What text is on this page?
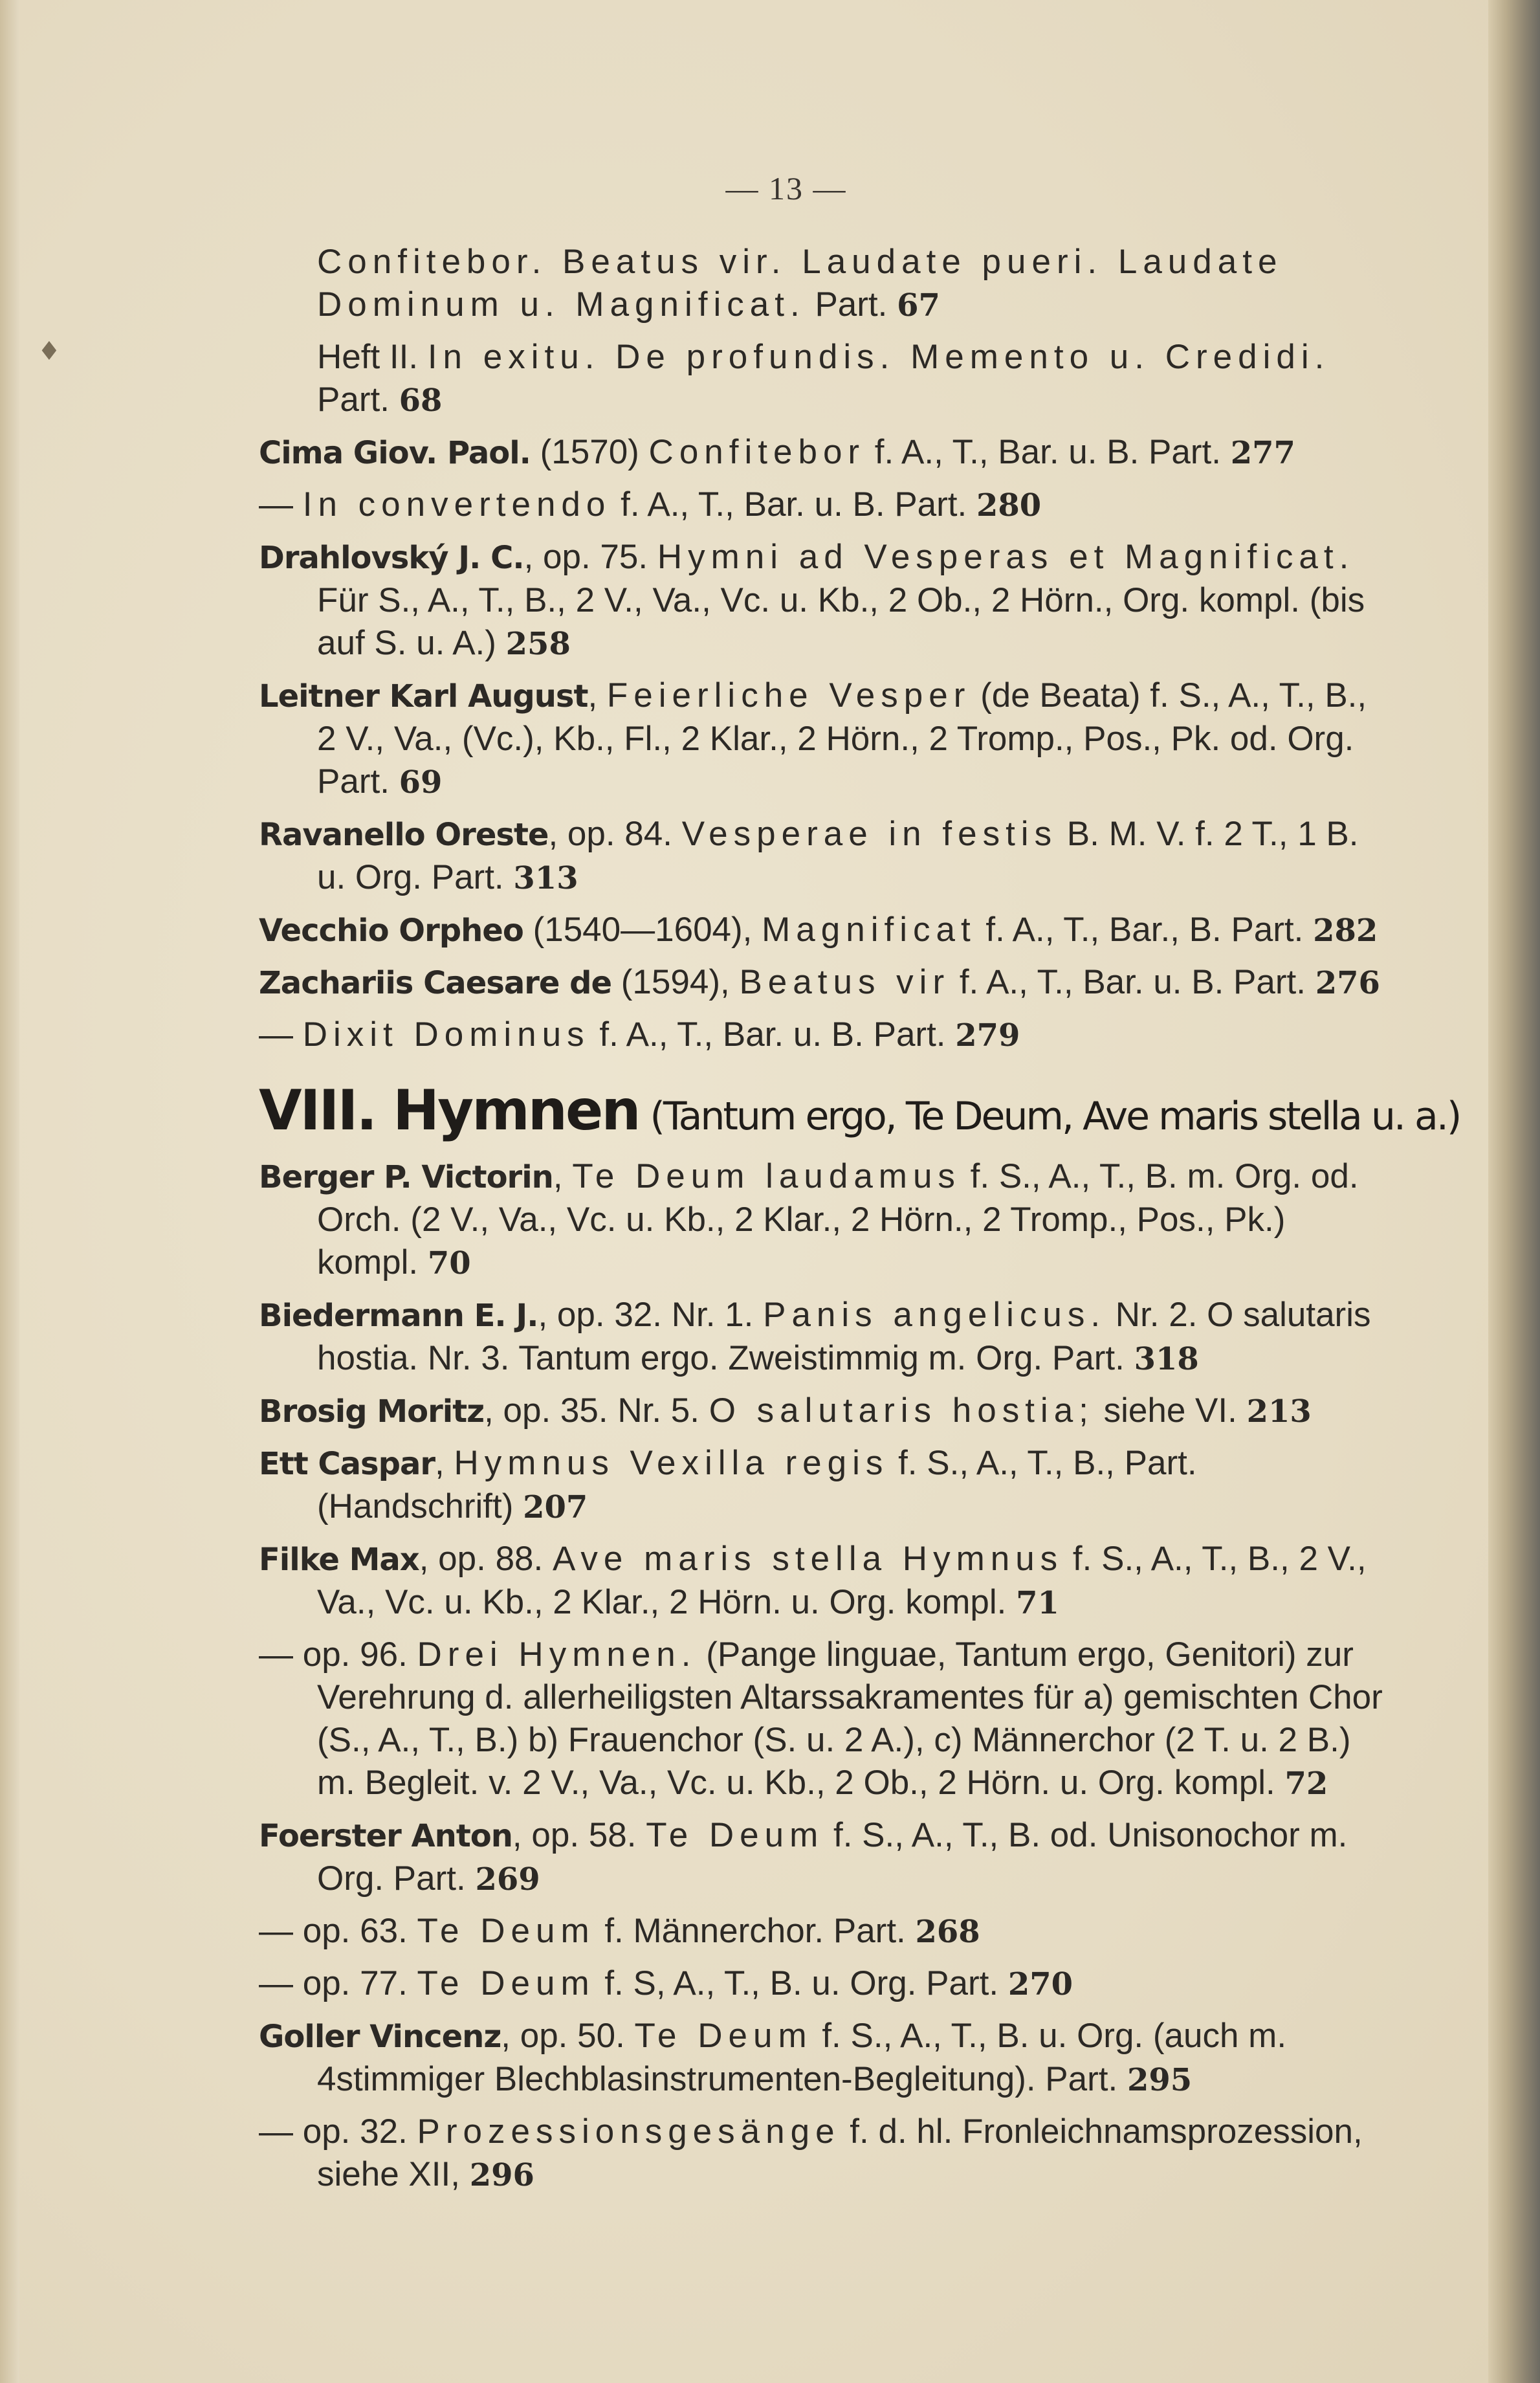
♦
— 13 —
Confitebor. Beatus vir. Laudate pueri. Laudate Dominum u. Magnificat. Part. 67
Heft II. In exitu. De profundis. Memento u. Credidi. Part. 68
Cima Giov. Paol. (1570) Confitebor f. A., T., Bar. u. B. Part. 277
— In convertendo f. A., T., Bar. u. B. Part. 280
Drahlovský J. C., op. 75. Hymni ad Vesperas et Magnificat. Für S., A., T., B., 2 V., Va., Vc. u. Kb., 2 Ob., 2 Hörn., Org. kompl. (bis auf S. u. A.) 258
Leitner Karl August, Feierliche Vesper (de Beata) f. S., A., T., B., 2 V., Va., (Vc.), Kb., Fl., 2 Klar., 2 Hörn., 2 Tromp., Pos., Pk. od. Org. Part. 69
Ravanello Oreste, op. 84. Vesperae in festis B. M. V. f. 2 T., 1 B. u. Org. Part. 313
Vecchio Orpheo (1540—1604), Magnificat f. A., T., Bar., B. Part. 282
Zachariis Caesare de (1594), Beatus vir f. A., T., Bar. u. B. Part. 276
— Dixit Dominus f. A., T., Bar. u. B. Part. 279
VIII. Hymnen (Tantum ergo, Te Deum, Ave maris stella u. a.)
Berger P. Victorin, Te Deum laudamus f. S., A., T., B. m. Org. od. Orch. (2 V., Va., Vc. u. Kb., 2 Klar., 2 Hörn., 2 Tromp., Pos., Pk.) kompl. 70
Biedermann E. J., op. 32. Nr. 1. Panis angelicus. Nr. 2. O salutaris hostia. Nr. 3. Tantum ergo. Zweistimmig m. Org. Part. 318
Brosig Moritz, op. 35. Nr. 5. O salutaris hostia; siehe VI. 213
Ett Caspar, Hymnus Vexilla regis f. S., A., T., B., Part. (Handschrift) 207
Filke Max, op. 88. Ave maris stella Hymnus f. S., A., T., B., 2 V., Va., Vc. u. Kb., 2 Klar., 2 Hörn. u. Org. kompl. 71
— op. 96. Drei Hymnen. (Pange linguae, Tantum ergo, Genitori) zur Verehrung d. allerheiligsten Altarssakramentes für a) gemischten Chor (S., A., T., B.) b) Frauenchor (S. u. 2 A.), c) Männerchor (2 T. u. 2 B.) m. Begleit. v. 2 V., Va., Vc. u. Kb., 2 Ob., 2 Hörn. u. Org. kompl. 72
Foerster Anton, op. 58. Te Deum f. S., A., T., B. od. Unisonochor m. Org. Part. 269
— op. 63. Te Deum f. Männerchor. Part. 268
— op. 77. Te Deum f. S, A., T., B. u. Org. Part. 270
Goller Vincenz, op. 50. Te Deum f. S., A., T., B. u. Org. (auch m. 4stimmiger Blechblasinstrumenten-Begleitung). Part. 295
— op. 32. Prozessionsgesänge f. d. hl. Fronleichnamsprozession, siehe XII, 296
